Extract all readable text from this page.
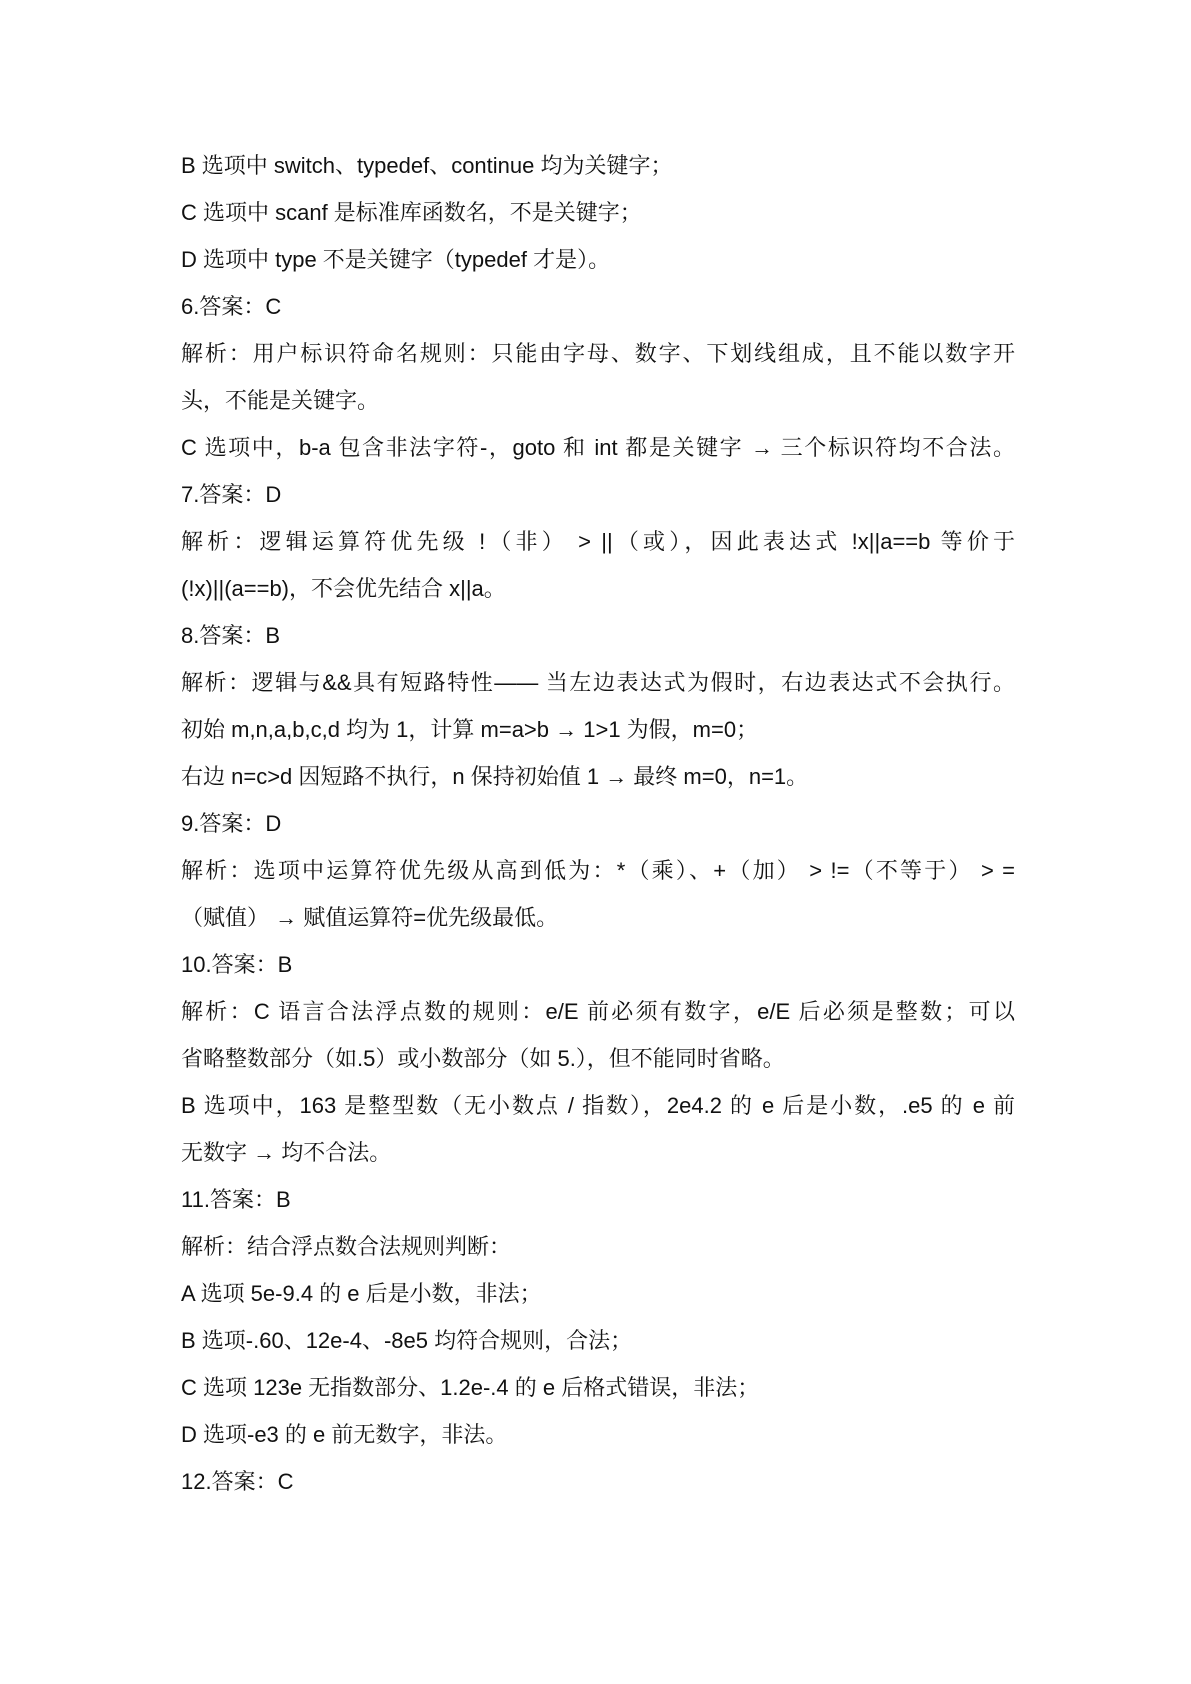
B 选项中 switch、typedef、continue 均为关键字；
C 选项中 scanf 是标准库函数名，不是关键字；
D 选项中 type 不是关键字（typedef 才是）。
6.答案：C
解析：用户标识符命名规则：只能由字母、数字、下划线组成，且不能以数字开
头，不能是关键字。
C 选项中，b-a 包含非法字符-，goto 和 int 都是关键字 → 三个标识符均不合法。
7.答案：D
解析：逻辑运算符优先级 !（非） > ||（或），因此表达式 !x||a==b 等价于
(!x)||(a==b)，不会优先结合 x||a。
8.答案：B
解析：逻辑与&&具有短路特性—— 当左边表达式为假时，右边表达式不会执行。
初始 m,n,a,b,c,d 均为 1，计算 m=a>b → 1>1 为假，m=0；
右边 n=c>d 因短路不执行，n 保持初始值 1 → 最终 m=0，n=1。
9.答案：D
解析：选项中运算符优先级从高到低为：*（乘）、+（加） > !=（不等于） > =
（赋值） → 赋值运算符=优先级最低。
10.答案：B
解析：C 语言合法浮点数的规则：e/E 前必须有数字，e/E 后必须是整数；可以
省略整数部分（如.5）或小数部分（如 5.），但不能同时省略。
B 选项中，163 是整型数（无小数点 / 指数），2e4.2 的 e 后是小数，.e5 的 e 前
无数字 → 均不合法。
11.答案：B
解析：结合浮点数合法规则判断：
A 选项 5e-9.4 的 e 后是小数，非法；
B 选项-.60、12e-4、-8e5 均符合规则，合法；
C 选项 123e 无指数部分、1.2e-.4 的 e 后格式错误，非法；
D 选项-e3 的 e 前无数字，非法。
12.答案：C
